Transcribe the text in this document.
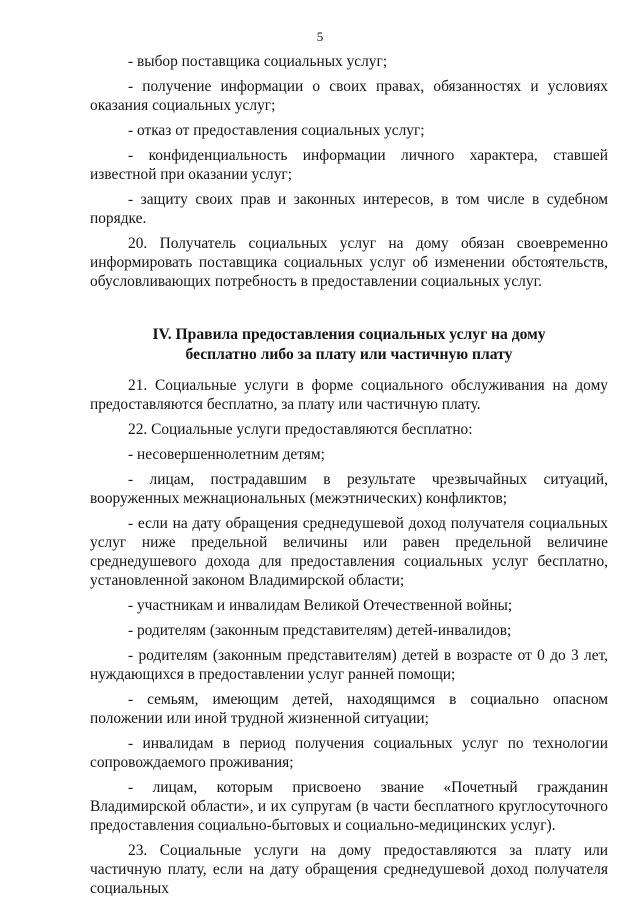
5

- выбор поставщика социальных услуг;

- получение информации о своих правах, обязанностях и условиях оказания социальных услуг;

- отказ от предоставления социальных услуг;

- конфиденциальность информации личного характера, ставшей известной при оказании услуг;

- защиту своих прав и законных интересов, в том числе в судебном порядке.

20. Получатель социальных услуг на дому обязан своевременно информировать поставщика социальных услуг об изменении обстоятельств, обусловливающих потребность в предоставлении социальных услуг.

IV. Правила предоставления социальных услуг на дому
бесплатно либо за плату или частичную плату

21. Социальные услуги в форме социального обслуживания на дому предоставляются бесплатно, за плату или частичную плату.

22. Социальные услуги предоставляются бесплатно:

- несовершеннолетним детям;

- лицам, пострадавшим в результате чрезвычайных ситуаций, вооруженных межнациональных (межэтнических) конфликтов;

- если на дату обращения среднедушевой доход получателя социальных услуг ниже предельной величины или равен предельной величине среднедушевого дохода для предоставления социальных услуг бесплатно, установленной законом Владимирской области;

- участникам и инвалидам Великой Отечественной войны;

- родителям (законным представителям) детей-инвалидов;

- родителям (законным представителям) детей в возрасте от 0 до 3 лет, нуждающихся в предоставлении услуг ранней помощи;

- семьям, имеющим детей, находящимся в социально опасном положении или иной трудной жизненной ситуации;

- инвалидам в период получения социальных услуг по технологии сопровождаемого проживания;

- лицам, которым присвоено звание «Почетный гражданин Владимирской области», и их супругам (в части бесплатного круглосуточного предоставления социально-бытовых и социально-медицинских услуг).

23. Социальные услуги на дому предоставляются за плату или частичную плату, если на дату обращения среднедушевой доход получателя социальных
